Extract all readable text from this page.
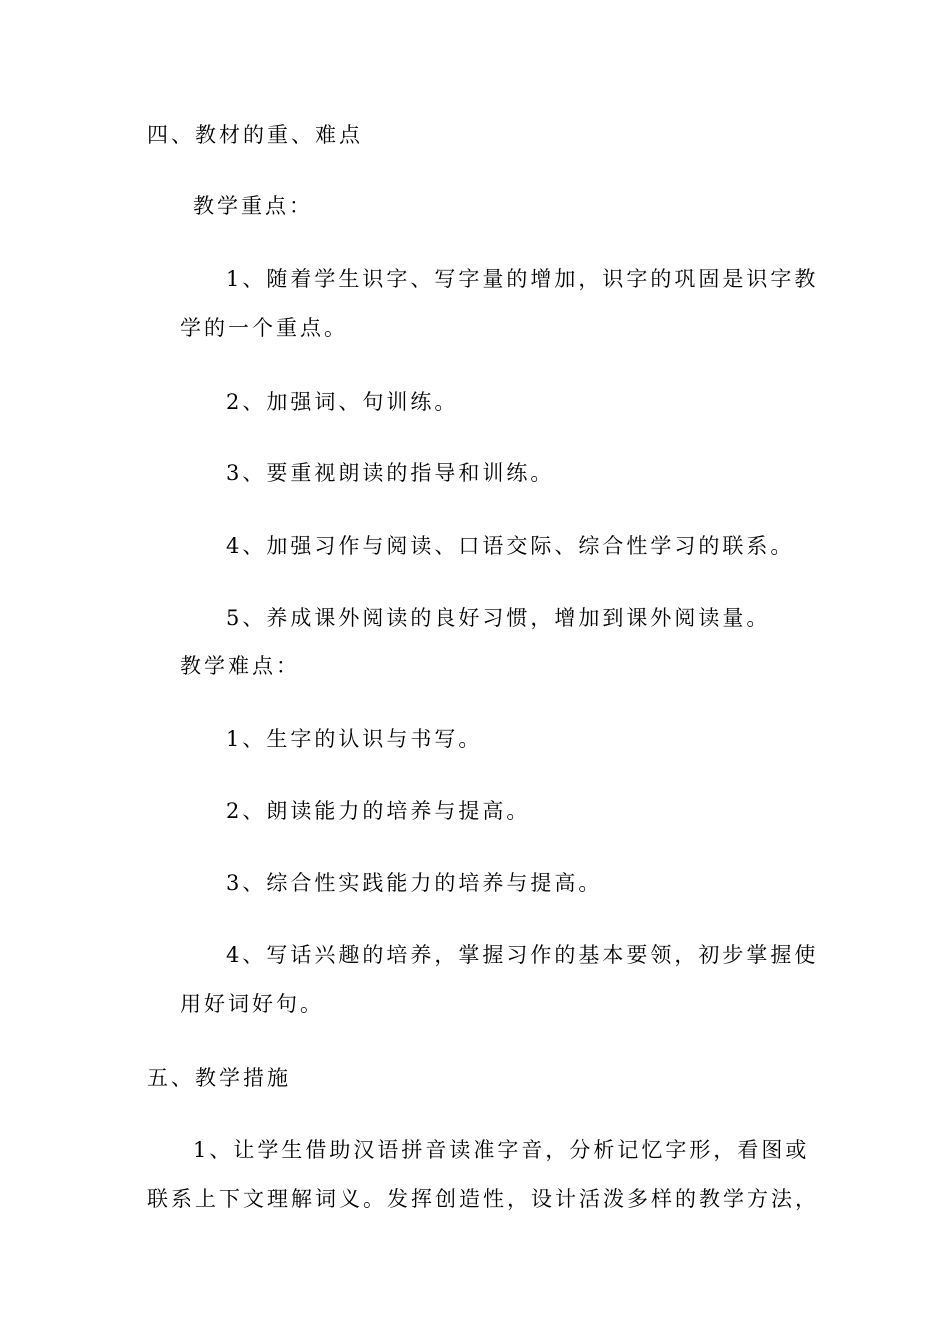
四、教材的重、难点
教学重点：
1、随着学生识字、写字量的增加，识字的巩固是识字教
学的一个重点。
2、加强词、句训练。
3、要重视朗读的指导和训练。
4、加强习作与阅读、口语交际、综合性学习的联系。
5、养成课外阅读的良好习惯，增加到课外阅读量。
教学难点：
1、生字的认识与书写。
2、朗读能力的培养与提高。
3、综合性实践能力的培养与提高。
4、写话兴趣的培养，掌握习作的基本要领，初步掌握使
用好词好句。
五、教学措施
1、让学生借助汉语拼音读准字音，分析记忆字形，看图或
联系上下文理解词义。发挥创造性，设计活泼多样的教学方法，
